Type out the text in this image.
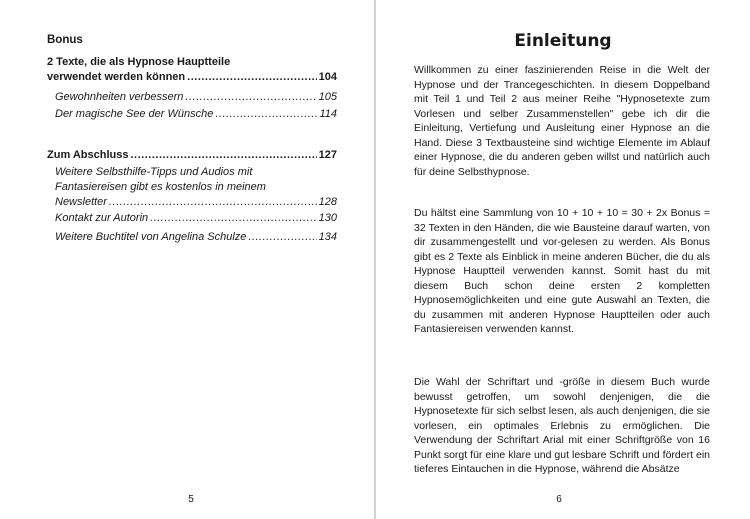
Bonus
2 Texte, die als Hypnose Hauptteile
verwendet werden können .....	104
Gewohnheiten verbessern .....	105
Der magische See der Wünsche .....	114
Zum Abschluss .....	127
Weitere Selbsthilfe-Tipps und Audios mit
Fantasiereisen gibt es kostenlos in meinem
Newsletter .....	128
Kontakt zur Autorin .....	130
Weitere Buchtitel von Angelina Schulze .....	134
5
Einleitung
Willkommen zu einer faszinierenden Reise in die Welt der Hypnose und der Trancegeschichten. In diesem Doppelband mit Teil 1 und Teil 2 aus meiner Reihe "Hypnosetexte zum Vorlesen und selber Zusammenstellen" gebe ich dir die Einleitung, Vertiefung und Ausleitung einer Hypnose an die Hand. Diese 3 Textbausteine sind wichtige Elemente im Ablauf einer Hypnose, die du anderen geben willst und natürlich auch für deine Selbsthypnose.
Du hältst eine Sammlung von 10 + 10 + 10 = 30 + 2x Bonus = 32 Texten in den Händen, die wie Bausteine darauf warten, von dir zusammengestellt und vor-gelesen zu werden. Als Bonus gibt es 2 Texte als Einblick in meine anderen Bücher, die du als Hypnose Hauptteil verwenden kannst. Somit hast du mit diesem Buch schon deine ersten 2 kompletten Hypnosemöglichkeiten und eine gute Auswahl an Texten, die du zusammen mit anderen Hypnose Hauptteilen oder auch Fantasiereisen verwenden kannst.
Die Wahl der Schriftart und -größe in diesem Buch wurde bewusst getroffen, um sowohl denjenigen, die die Hypnosetexte für sich selbst lesen, als auch denjenigen, die sie vorlesen, ein optimales Erlebnis zu ermöglichen. Die Verwendung der Schriftart Arial mit einer Schriftgröße von 16 Punkt sorgt für eine klare und gut lesbare Schrift und fördert ein tieferes Eintauchen in die Hypnose, während die Absätze
6
